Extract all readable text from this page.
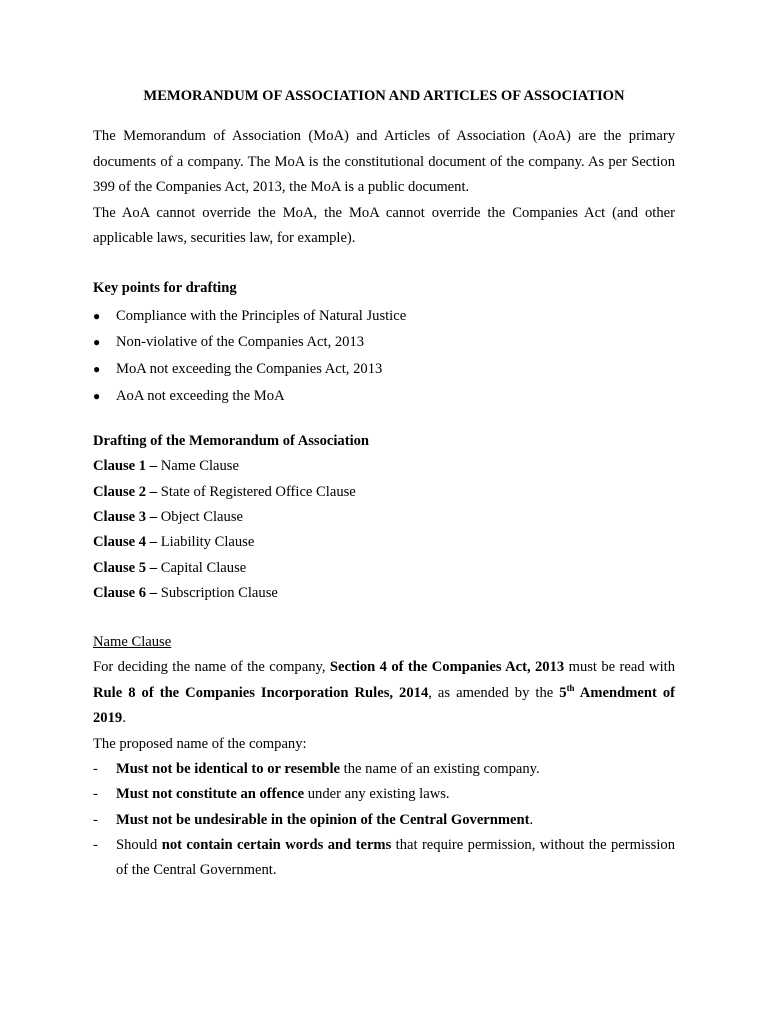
MEMORANDUM OF ASSOCIATION AND ARTICLES OF ASSOCIATION

The Memorandum of Association (MoA) and Articles of Association (AoA) are the primary documents of a company. The MoA is the constitutional document of the company. As per Section 399 of the Companies Act, 2013, the MoA is a public document.

The AoA cannot override the MoA, the MoA cannot override the Companies Act (and other applicable laws, securities law, for example).

Key points for drafting

● Compliance with the Principles of Natural Justice
● Non-violative of the Companies Act, 2013
● MoA not exceeding the Companies Act, 2013
● AoA not exceeding the MoA

Drafting of the Memorandum of Association

Clause 1 – Name Clause

Clause 2 – State of Registered Office Clause

Clause 3 – Object Clause

Clause 4 – Liability Clause

Clause 5 – Capital Clause

Clause 6 – Subscription Clause

Name Clause

For deciding the name of the company, Section 4 of the Companies Act, 2013 must be read with Rule 8 of the Companies Incorporation Rules, 2014, as amended by the 5th Amendment of 2019.

The proposed name of the company:

- Must not be identical to or resemble the name of an existing company.
- Must not constitute an offence under any existing laws.
- Must not be undesirable in the opinion of the Central Government.
- Should not contain certain words and terms that require permission, without the permission of the Central Government.
